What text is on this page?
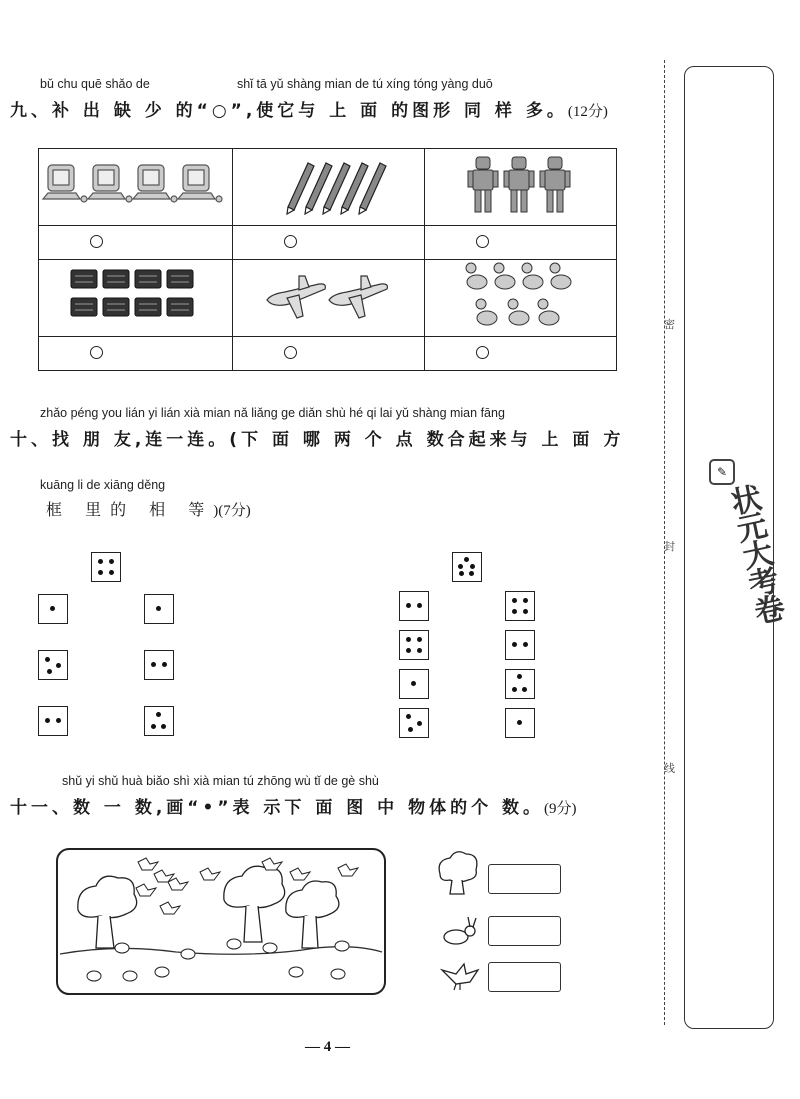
bǔ chu quē shǎo de	shǐ tā yǔ shàng mian de tú xíng tóng yàng duō
九、补 出 缺 少 的“○”,使它与 上 面 的图形 同 样 多。(12分)

zhǎo péng you lián yi lián xià mian nǎ liǎng ge diǎn shù hé qi lai yǔ shàng mian fāng
十、找 朋 友,连一连。(下 面 哪 两 个 点 数合起来与 上 面 方
kuāng li de xiāng děng
框 里的 相 等)(7分)
shǔ yi shǔ huà biǎo shì xià mian tú zhōng wù tǐ de gè shù
十一、数 一 数,画“•”表 示下 面 图 中 物体的个 数。(9分)
— 4 —
密
封
线
✎
状元大考卷
